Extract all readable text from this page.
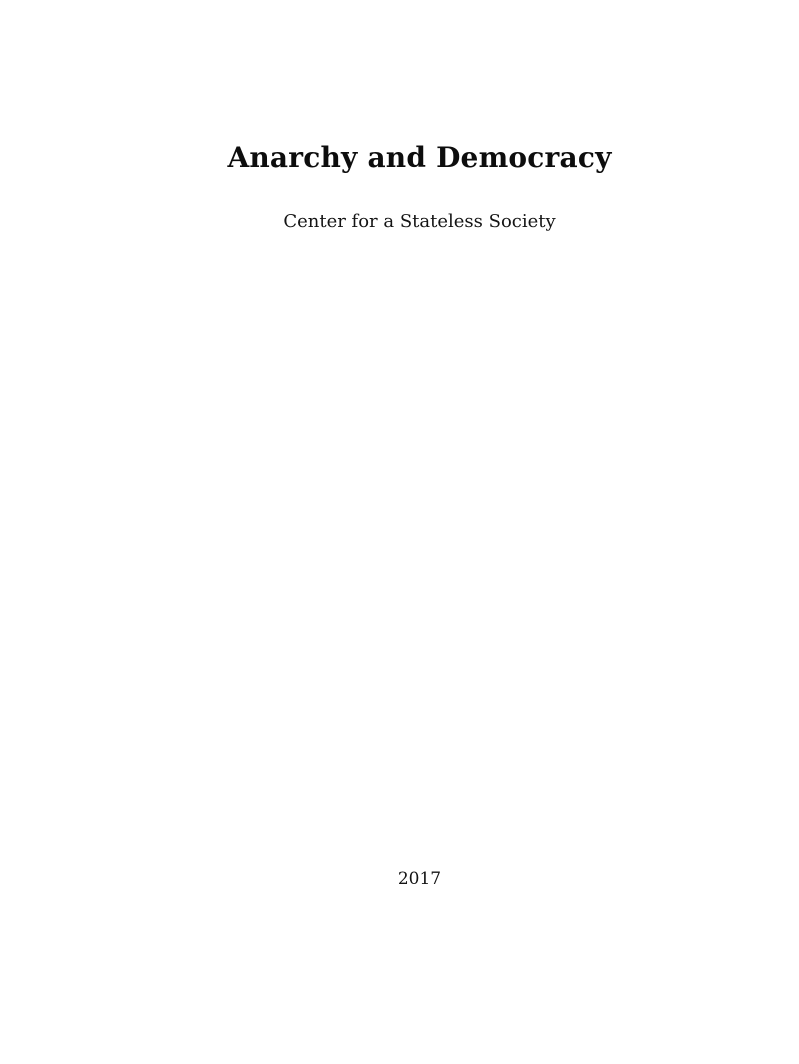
Anarchy and Democracy
Center for a Stateless Society
2017
